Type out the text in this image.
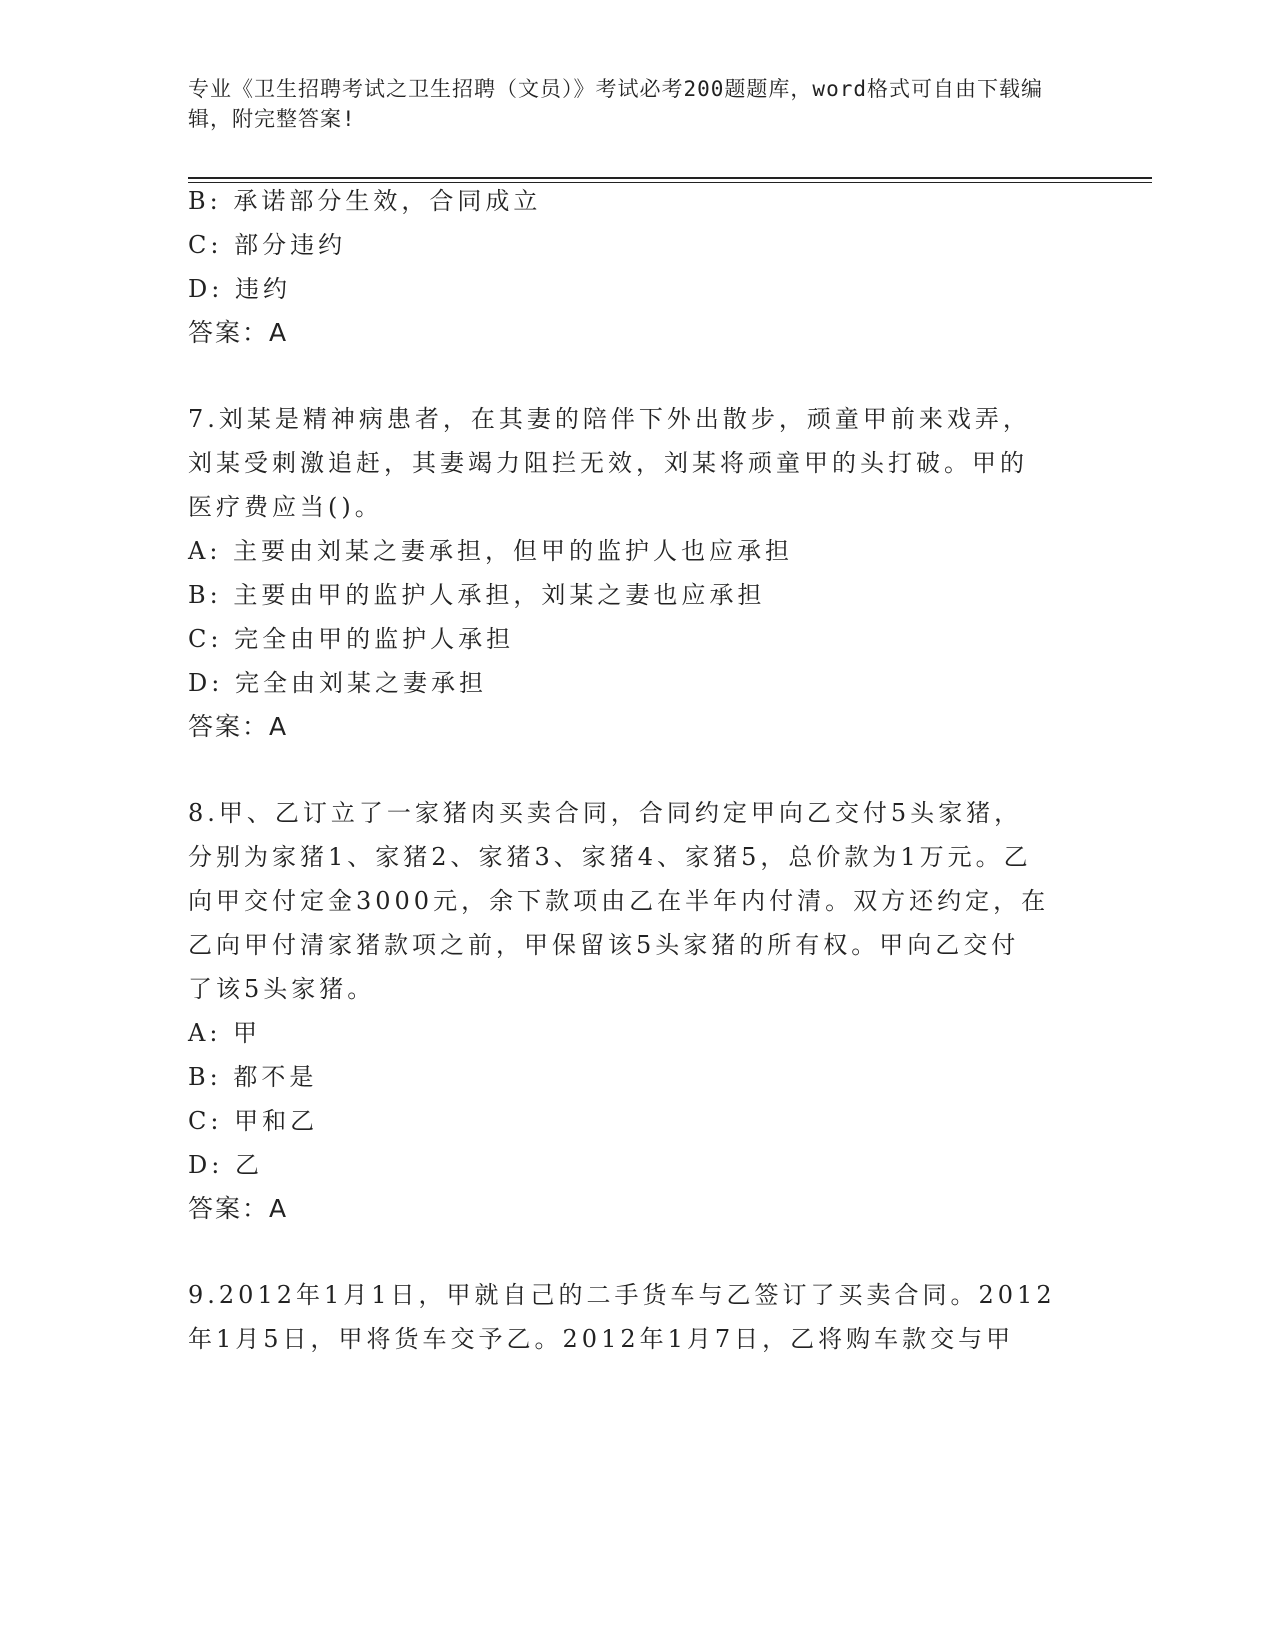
专业《卫生招聘考试之卫生招聘（文员）》考试必考200题题库，word格式可自由下载编辑，附完整答案!
B: 承诺部分生效，合同成立
C: 部分违约
D: 违约
答案：A
7.刘某是精神病患者，在其妻的陪伴下外出散步，顽童甲前来戏弄，
刘某受刺激追赶，其妻竭力阻拦无效，刘某将顽童甲的头打破。甲的
医疗费应当()。
A: 主要由刘某之妻承担，但甲的监护人也应承担
B: 主要由甲的监护人承担，刘某之妻也应承担
C: 完全由甲的监护人承担
D: 完全由刘某之妻承担
答案：A
8.甲、乙订立了一家猪肉买卖合同，合同约定甲向乙交付5头家猪，
分别为家猪1、家猪2、家猪3、家猪4、家猪5，总价款为1万元。乙
向甲交付定金3000元，余下款项由乙在半年内付清。双方还约定，在
乙向甲付清家猪款项之前，甲保留该5头家猪的所有权。甲向乙交付
了该5头家猪。
A: 甲
B: 都不是
C: 甲和乙
D: 乙
答案：A
9.2012年1月1日，甲就自己的二手货车与乙签订了买卖合同。2012
年1月5日，甲将货车交予乙。2012年1月7日，乙将购车款交与甲
